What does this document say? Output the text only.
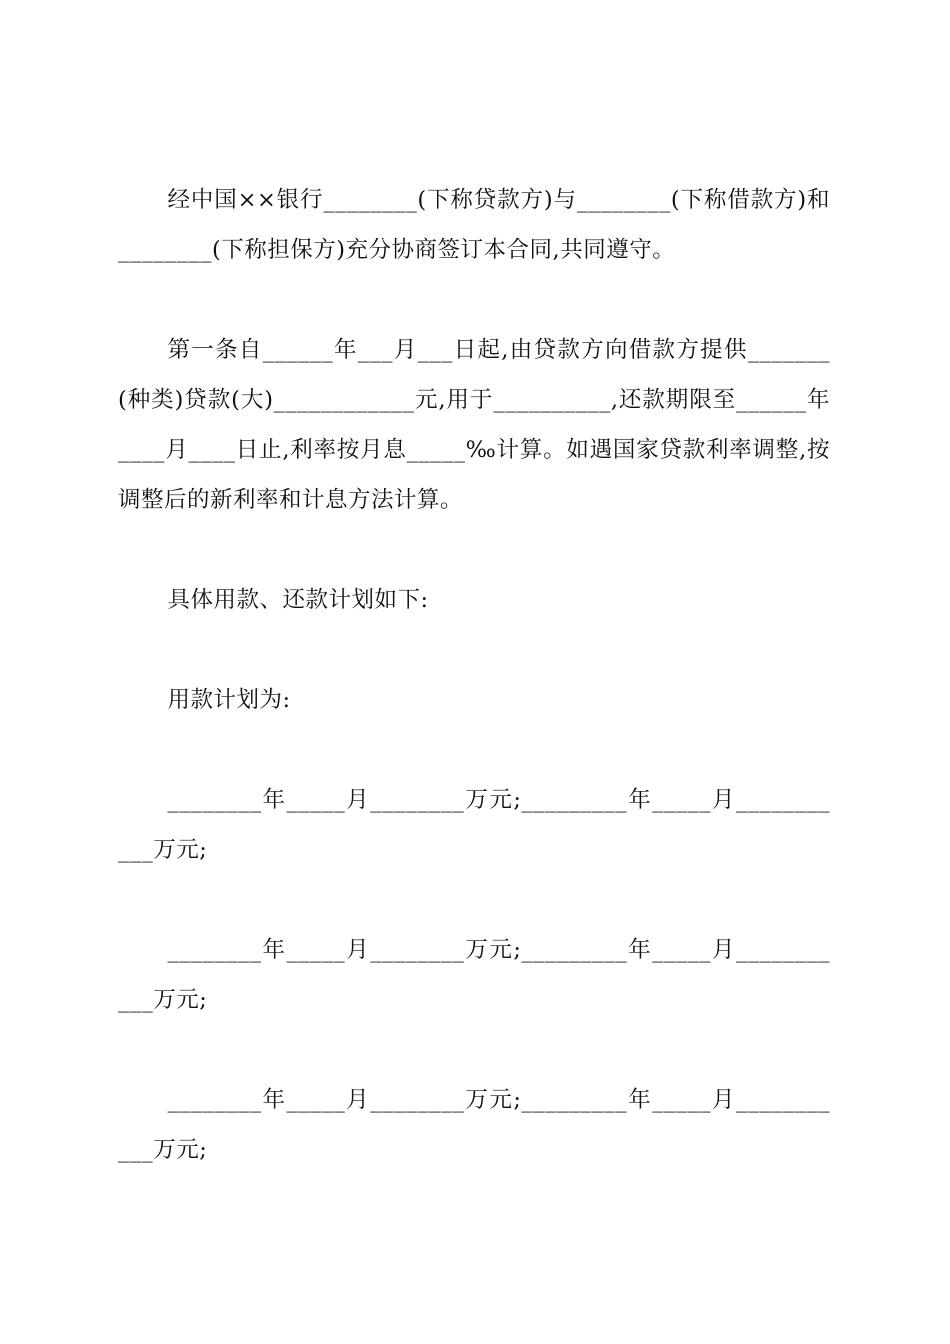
经中国××银行________(下称贷款方)与________(下称借款方)和________(下称担保方)充分协商签订本合同,共同遵守。

第一条自______年___月___日起,由贷款方向借款方提供_______(种类)贷款(大)____________元,用于__________,还款期限至______年____月____日止,利率按月息_____‰计算。如遇国家贷款利率调整,按调整后的新利率和计息方法计算。

具体用款、还款计划如下:

用款计划为:

________年_____月________万元;_________年_____月___________万元;

________年_____月________万元;_________年_____月___________万元;

________年_____月________万元;_________年_____月___________万元;
